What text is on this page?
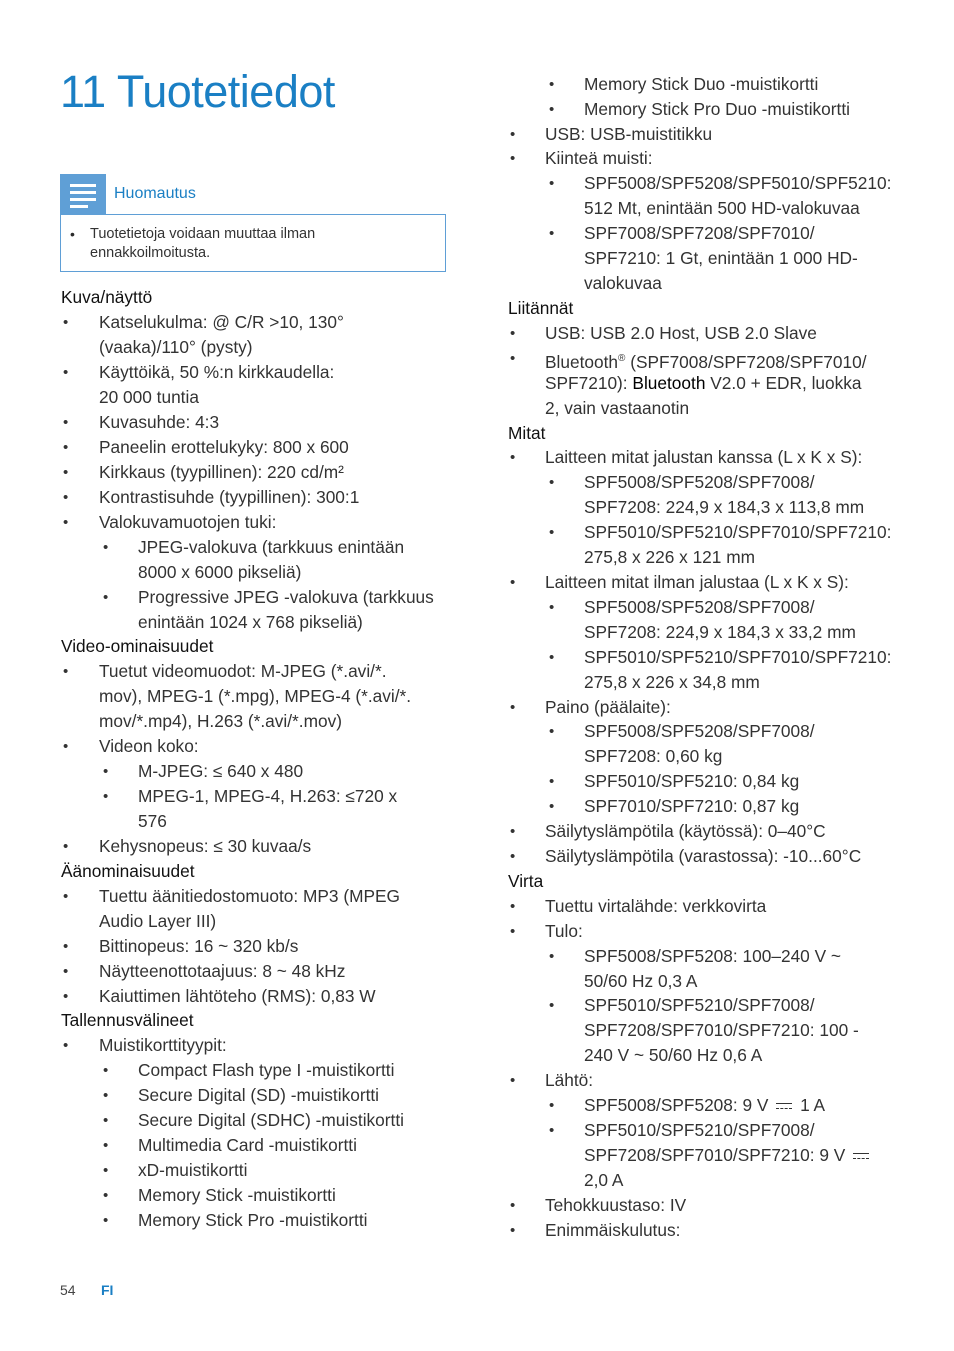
11 Tuotetiedot
Huomautus
• Tuotetietoja voidaan muuttaa ilman ennakkoilmoitusta.
Kuva/näyttö
• Katselukulma: @ C/R >10, 130°
(vaaka)/110° (pysty)
• Käyttöikä, 50 %:n kirkkaudella:
20 000 tuntia
• Kuvasuhde: 4:3
• Paneelin erottelukyky: 800 x 600
• Kirkkaus (tyypillinen): 220 cd/m²
• Kontrastisuhde (tyypillinen): 300:1
• Valokuvamuotojen tuki:
• JPEG-valokuva (tarkkuus enintään
8000 x 6000 pikseliä)
• Progressive JPEG -valokuva (tarkkuus
enintään 1024 x 768 pikseliä)
Video-ominaisuudet
• Tuetut videomuodot: M-JPEG (*.avi/*.
mov), MPEG-1 (*.mpg), MPEG-4 (*.avi/*.
mov/*.mp4), H.263 (*.avi/*.mov)
• Videon koko:
• M-JPEG: ≤ 640 x 480
• MPEG-1, MPEG-4, H.263: ≤720 x
576
• Kehysnopeus: ≤ 30 kuvaa/s
Äänominaisuudet
• Tuettu äänitiedostomuoto: MP3 (MPEG
Audio Layer III)
• Bittinopeus: 16 ~ 320 kb/s
• Näytteenottotaajuus: 8 ~ 48 kHz
• Kaiuttimen lähtöteho (RMS): 0,83 W
Tallennusvälineet
• Muistikorttityypit:
• Compact Flash type I -muistikortti
• Secure Digital (SD) -muistikortti
• Secure Digital (SDHC) -muistikortti
• Multimedia Card -muistikortti
• xD-muistikortti
• Memory Stick -muistikortti
• Memory Stick Pro -muistikortti
• Memory Stick Duo -muistikortti
• Memory Stick Pro Duo -muistikortti
• USB: USB-muistitikku
• Kiinteä muisti:
• SPF5008/SPF5208/SPF5010/SPF5210:
512 Mt, enintään 500 HD-valokuvaa
• SPF7008/SPF7208/SPF7010/
SPF7210: 1 Gt, enintään 1 000 HD-
valokuvaa
Liitännät
• USB: USB 2.0 Host, USB 2.0 Slave
• Bluetooth® (SPF7008/SPF7208/SPF7010/
SPF7210): Bluetooth V2.0 + EDR, luokka
2, vain vastaanotin
Mitat
• Laitteen mitat jalustan kanssa (L x K x S):
• SPF5008/SPF5208/SPF7008/
SPF7208: 224,9 x 184,3 x 113,8 mm
• SPF5010/SPF5210/SPF7010/SPF7210:
275,8 x 226 x 121 mm
• Laitteen mitat ilman jalustaa (L x K x S):
• SPF5008/SPF5208/SPF7008/
SPF7208: 224,9 x 184,3 x 33,2 mm
• SPF5010/SPF5210/SPF7010/SPF7210:
275,8 x 226 x 34,8 mm
• Paino (päälaite):
• SPF5008/SPF5208/SPF7008/
SPF7208: 0,60 kg
• SPF5010/SPF5210: 0,84 kg
• SPF7010/SPF7210: 0,87 kg
• Säilytyslämpötila (käytössä): 0–40°C
• Säilytyslämpötila (varastossa): -10...60°C
Virta
• Tuettu virtalähde: verkkovirta
• Tulo:
• SPF5008/SPF5208: 100–240 V ~
50/60 Hz 0,3 A
• SPF5010/SPF5210/SPF7008/
SPF7208/SPF7010/SPF7210: 100 -
240 V ~ 50/60 Hz 0,6 A
• Lähtö:
• SPF5008/SPF5208: 9 V 1 A
• SPF5010/SPF5210/SPF7008/
SPF7208/SPF7010/SPF7210: 9 V
2,0 A
• Tehokkuustaso: IV
• Enimmäiskulutus:
54 FI
